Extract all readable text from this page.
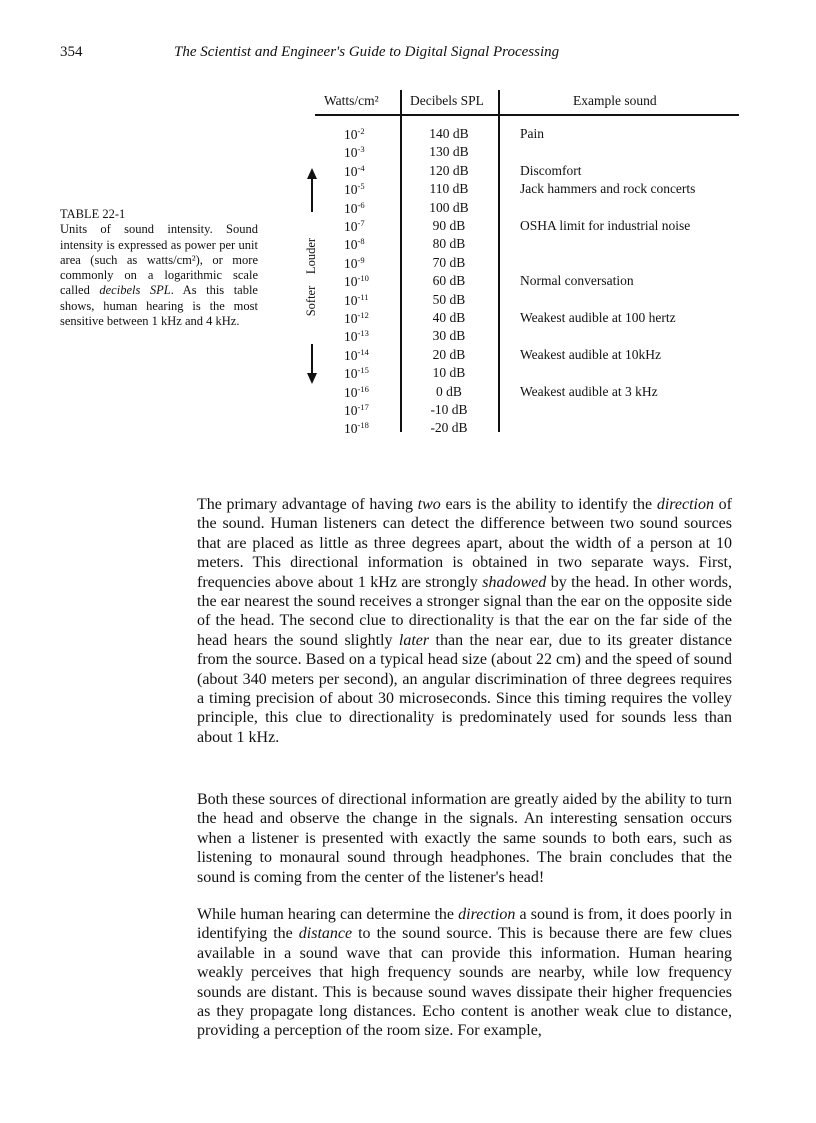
354	The Scientist and Engineer's Guide to Digital Signal Processing
TABLE 22-1
Units of sound intensity. Sound intensity is expressed as power per unit area (such as watts/cm²), or more commonly on a logarithmic scale called decibels SPL. As this table shows, human hearing is the most sensitive between 1 kHz and 4 kHz.
Watts/cm² Decibels SPL	Example sound
Louder
Softer
$10^{-2}$	140 dB	Pain
$10^{-3}$	130 dB
$10^{-4}$	120 dB	Discomfort
$10^{-5}$	110 dB	Jack hammers and rock concerts
$10^{-6}$	100 dB
$10^{-7}$	90 dB	OSHA limit for industrial noise
$10^{-8}$	80 dB
$10^{-9}$	70 dB
$10^{-10}$	60 dB	Normal conversation
$10^{-11}$	50 dB
$10^{-12}$	40 dB	Weakest audible at 100 hertz
$10^{-13}$	30 dB
$10^{-14}$	20 dB	Weakest audible at 10kHz
$10^{-15}$	10 dB
$10^{-16}$	0 dB	Weakest audible at 3 kHz
$10^{-17}$	-10 dB
$10^{-18}$	-20 dB

The primary advantage of having two ears is the ability to identify the direction of the sound. Human listeners can detect the difference between two sound sources that are placed as little as three degrees apart, about the width of a person at 10 meters. This directional information is obtained in two separate ways. First, frequencies above about 1 kHz are strongly shadowed by the head. In other words, the ear nearest the sound receives a stronger signal than the ear on the opposite side of the head. The second clue to directionality is that the ear on the far side of the head hears the sound slightly later than the near ear, due to its greater distance from the source. Based on a typical head size (about 22 cm) and the speed of sound (about 340 meters per second), an angular discrimination of three degrees requires a timing precision of about 30 microseconds. Since this timing requires the volley principle, this clue to directionality is predominately used for sounds less than about 1 kHz.

Both these sources of directional information are greatly aided by the ability to turn the head and observe the change in the signals. An interesting sensation occurs when a listener is presented with exactly the same sounds to both ears, such as listening to monaural sound through headphones. The brain concludes that the sound is coming from the center of the listener's head!

While human hearing can determine the direction a sound is from, it does poorly in identifying the distance to the sound source. This is because there are few clues available in a sound wave that can provide this information. Human hearing weakly perceives that high frequency sounds are nearby, while low frequency sounds are distant. This is because sound waves dissipate their higher frequencies as they propagate long distances. Echo content is another weak clue to distance, providing a perception of the room size. For example,
